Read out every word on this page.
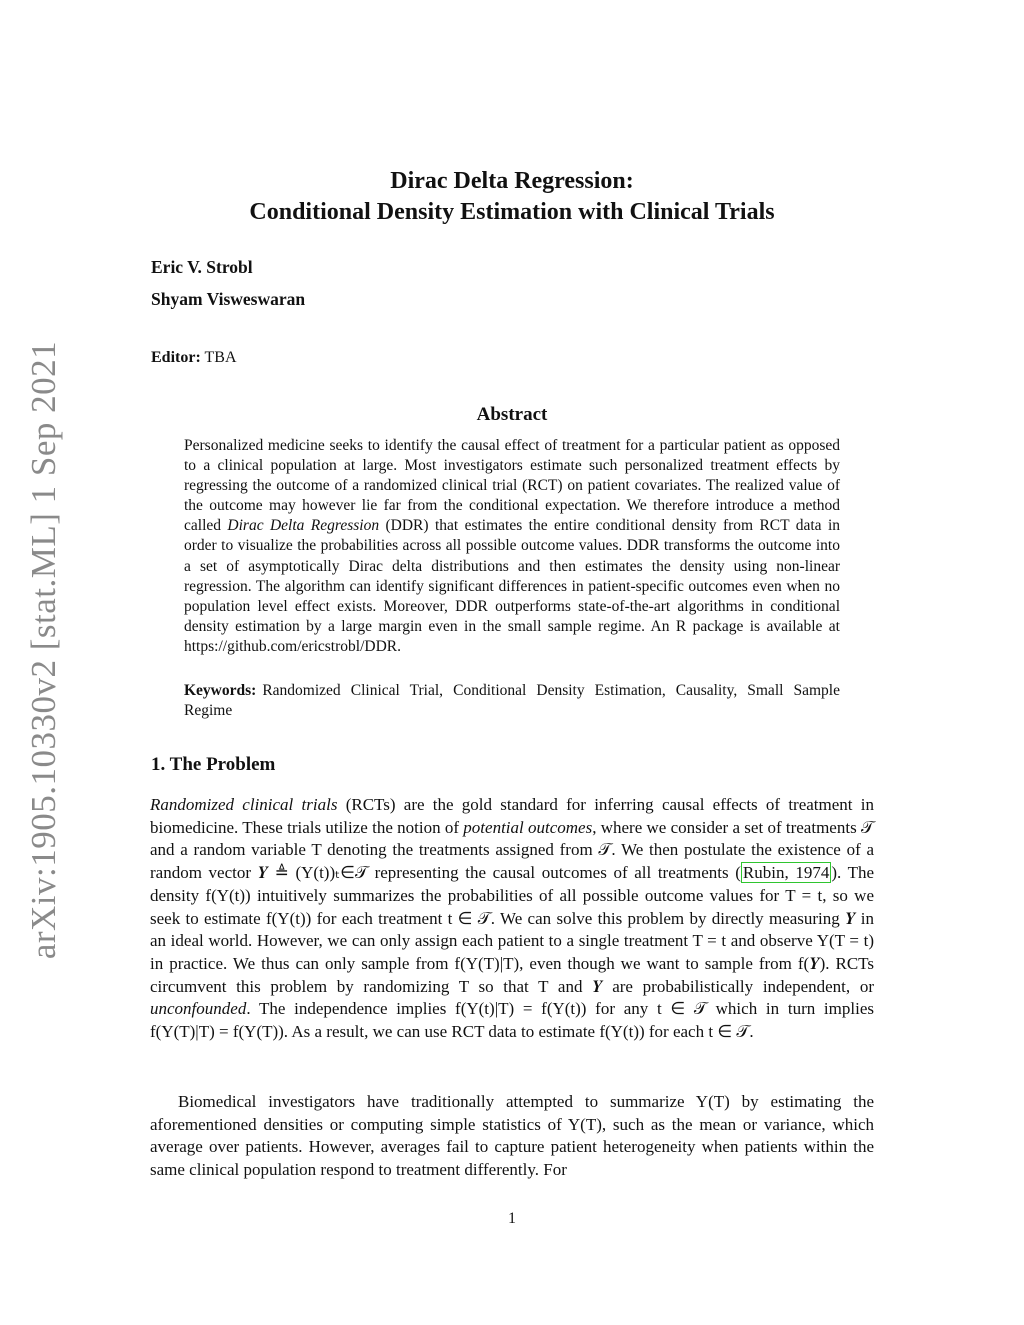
arXiv:1905.10330v2 [stat.ML] 1 Sep 2021
Dirac Delta Regression:
Conditional Density Estimation with Clinical Trials
Eric V. Strobl
Shyam Visweswaran
Editor: TBA
Abstract
Personalized medicine seeks to identify the causal effect of treatment for a particular patient as opposed to a clinical population at large. Most investigators estimate such personalized treatment effects by regressing the outcome of a randomized clinical trial (RCT) on patient covariates. The realized value of the outcome may however lie far from the conditional expectation. We therefore introduce a method called Dirac Delta Regression (DDR) that estimates the entire conditional density from RCT data in order to visualize the probabilities across all possible outcome values. DDR transforms the outcome into a set of asymptotically Dirac delta distributions and then estimates the density using non-linear regression. The algorithm can identify significant differences in patient-specific outcomes even when no population level effect exists. Moreover, DDR outperforms state-of-the-art algorithms in conditional density estimation by a large margin even in the small sample regime. An R package is available at https://github.com/ericstrobl/DDR.
Keywords: Randomized Clinical Trial, Conditional Density Estimation, Causality, Small Sample Regime
1. The Problem

Randomized clinical trials (RCTs) are the gold standard for inferring causal effects of treatment in biomedicine. These trials utilize the notion of potential outcomes, where we consider a set of treatments 𝒯 and a random variable T denoting the treatments assigned from 𝒯. We then postulate the existence of a random vector 𝒀 ≜ (Y(t))ₜ∈𝒯 representing the causal outcomes of all treatments ( Rubin, 1974 ). The density f(Y(t)) intuitively summarizes the probabilities of all possible outcome values for T = t, so we seek to estimate f(Y(t)) for each treatment t ∈ 𝒯. We can solve this problem by directly measuring 𝒀 in an ideal world. However, we can only assign each patient to a single treatment T = t and observe Y(T = t) in practice. We thus can only sample from f(Y(T)|T), even though we want to sample from f(𝒀). RCTs circumvent this problem by randomizing T so that T and 𝒀 are probabilistically independent, or unconfounded. The independence implies f(Y(t)|T) = f(Y(t)) for any t ∈ 𝒯 which in turn implies f(Y(T)|T) = f(Y(T)). As a result, we can use RCT data to estimate f(Y(t)) for each t ∈ 𝒯.

Biomedical investigators have traditionally attempted to summarize Y(T) by estimating the aforementioned densities or computing simple statistics of Y(T), such as the mean or variance, which average over patients. However, averages fail to capture patient heterogeneity when patients within the same clinical population respond to treatment differently. For

1
